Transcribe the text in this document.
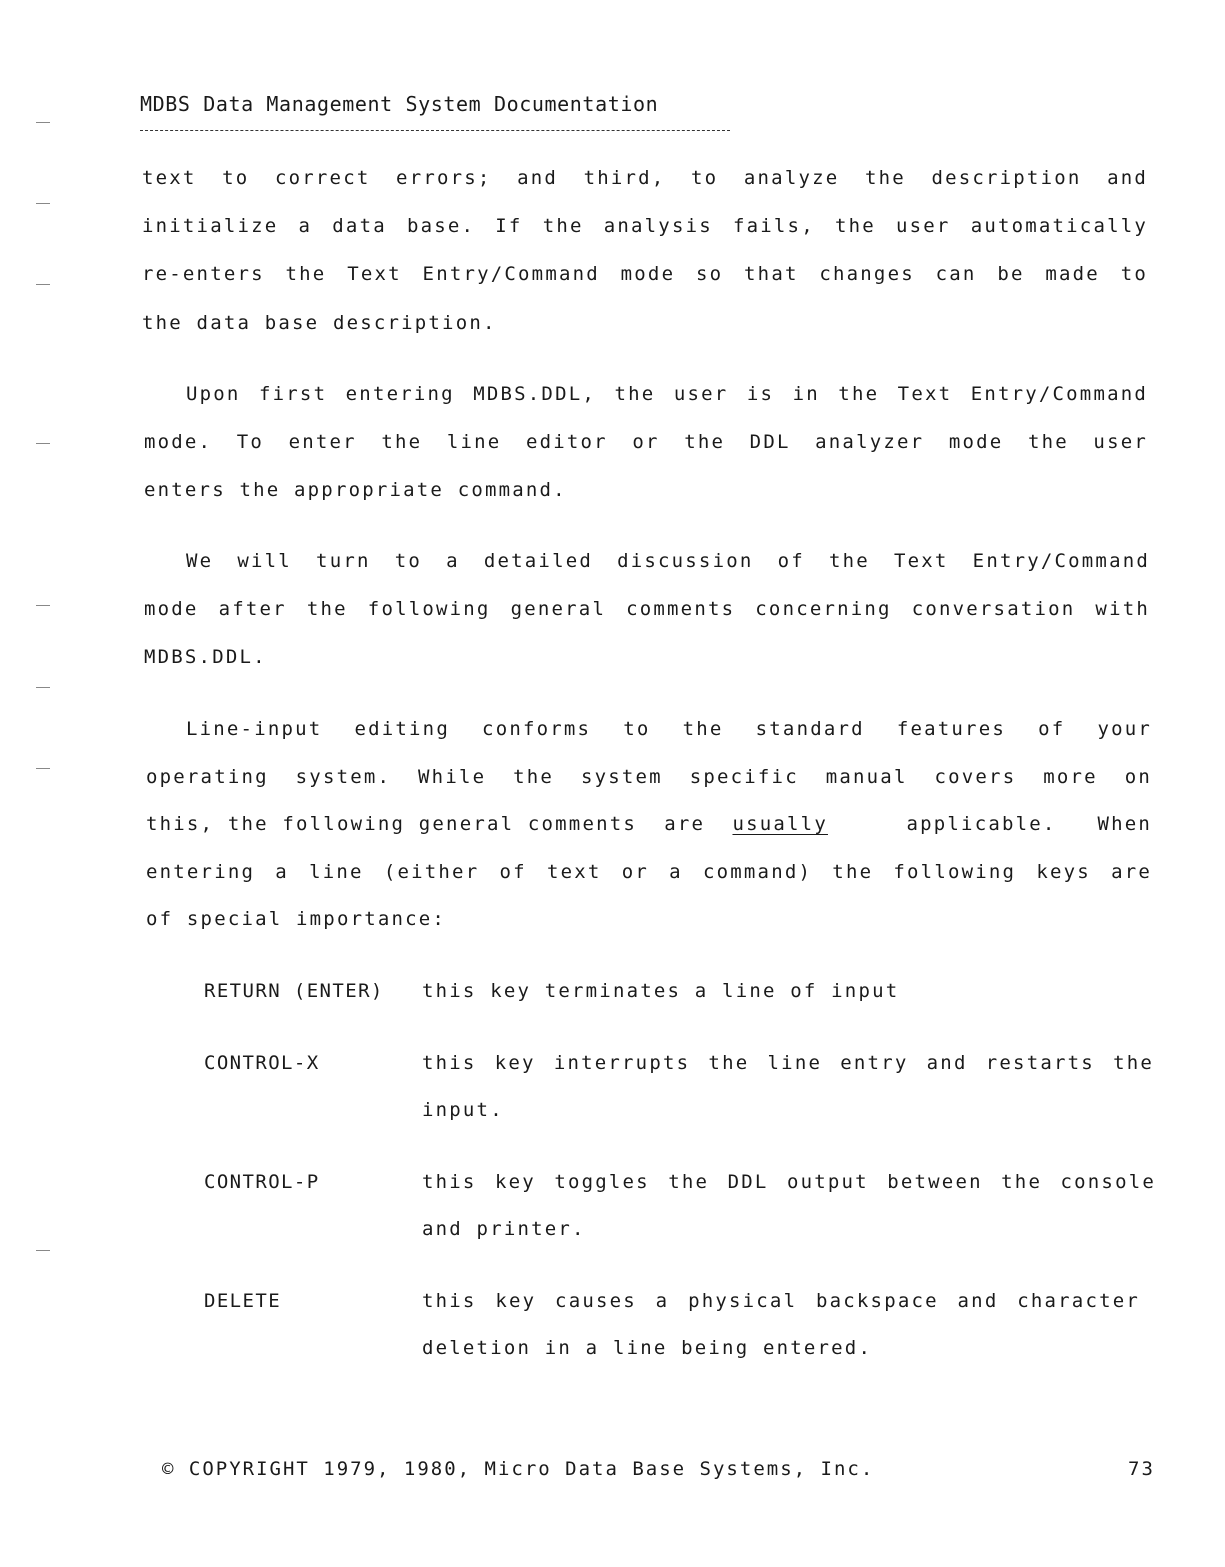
MDBS Data Management System Documentation
text to correct errors; and third, to analyze the description and
initialize a data base. If the analysis fails, the user automatically
re-enters the Text Entry/Command mode so that changes can be made to
the data base description.
Upon first entering MDBS.DDL, the user is in the Text Entry/Command
mode. To enter the line editor or the DDL analyzer mode the user
enters the appropriate command.
We will turn to a detailed discussion of the Text Entry/Command
mode after the following general comments concerning conversation with
MDBS.DDL.
Line-input editing conforms to the standard features of your
operating system. While the system specific manual covers more on
this, the following general comments  are usually	applicable.   When
entering a line (either of text or a command) the following keys are
of special importance:
RETURN (ENTER) this key terminates a line of input
CONTROL-X	this key interrupts the line entry and restarts the
input.
CONTROL-P	this key toggles the DDL output between the console
and printer.
DELETE	this key causes a physical backspace and character
deletion in a line being entered.
© COPYRIGHT 1979, 1980, Micro Data Base Systems, Inc.	73
